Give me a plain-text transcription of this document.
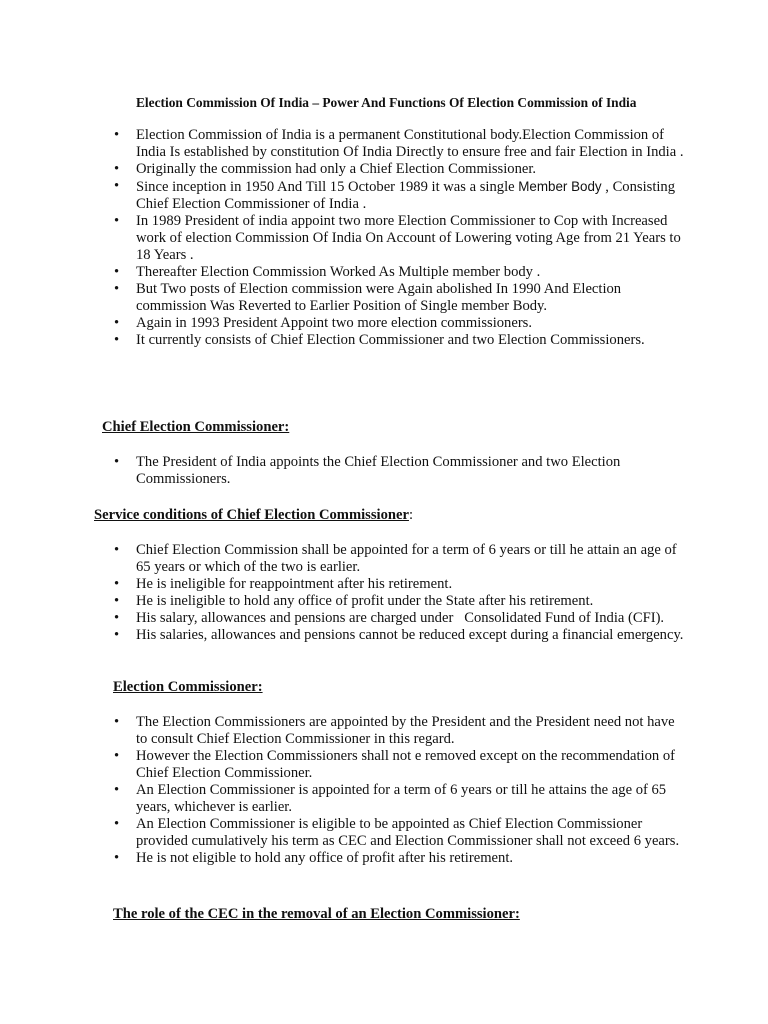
Election Commission Of India – Power And Functions Of Election Commission of India
• Election Commission of India is a permanent Constitutional body.Election Commission of India Is established by constitution Of India Directly to ensure free and fair Election in India .
• Originally the commission had only a Chief Election Commissioner.
• Since inception in 1950 And Till 15 October 1989 it was a single Member Body , Consisting Chief Election Commissioner of India .
• In 1989 President of india appoint two more Election Commissioner to Cop with Increased work of election Commission Of India On Account of Lowering voting Age from 21 Years to 18 Years .
• Thereafter Election Commission Worked As Multiple member body .
• But Two posts of Election commission were Again abolished In 1990 And Election commission Was Reverted to Earlier Position of Single member Body.
• Again in 1993 President Appoint two more election commissioners.
• It currently consists of Chief Election Commissioner and two Election Commissioners.
Chief Election Commissioner:
• The President of India appoints the Chief Election Commissioner and two Election Commissioners.
Service conditions of Chief Election Commissioner:
• Chief Election Commission shall be appointed for a term of 6 years or till he attain an age of 65 years or which of the two is earlier.
• He is ineligible for reappointment after his retirement.
• He is ineligible to hold any office of profit under the State after his retirement.
• His salary, allowances and pensions are charged under   Consolidated Fund of India (CFI).
• His salaries, allowances and pensions cannot be reduced except during a financial emergency.
Election Commissioner:
• The Election Commissioners are appointed by the President and the President need not have to consult Chief Election Commissioner in this regard.
• However the Election Commissioners shall not e removed except on the recommendation of Chief Election Commissioner.
• An Election Commissioner is appointed for a term of 6 years or till he attains the age of 65 years, whichever is earlier.
• An Election Commissioner is eligible to be appointed as Chief Election Commissioner provided cumulatively his term as CEC and Election Commissioner shall not exceed 6 years.
• He is not eligible to hold any office of profit after his retirement.
The role of the CEC in the removal of an Election Commissioner:
